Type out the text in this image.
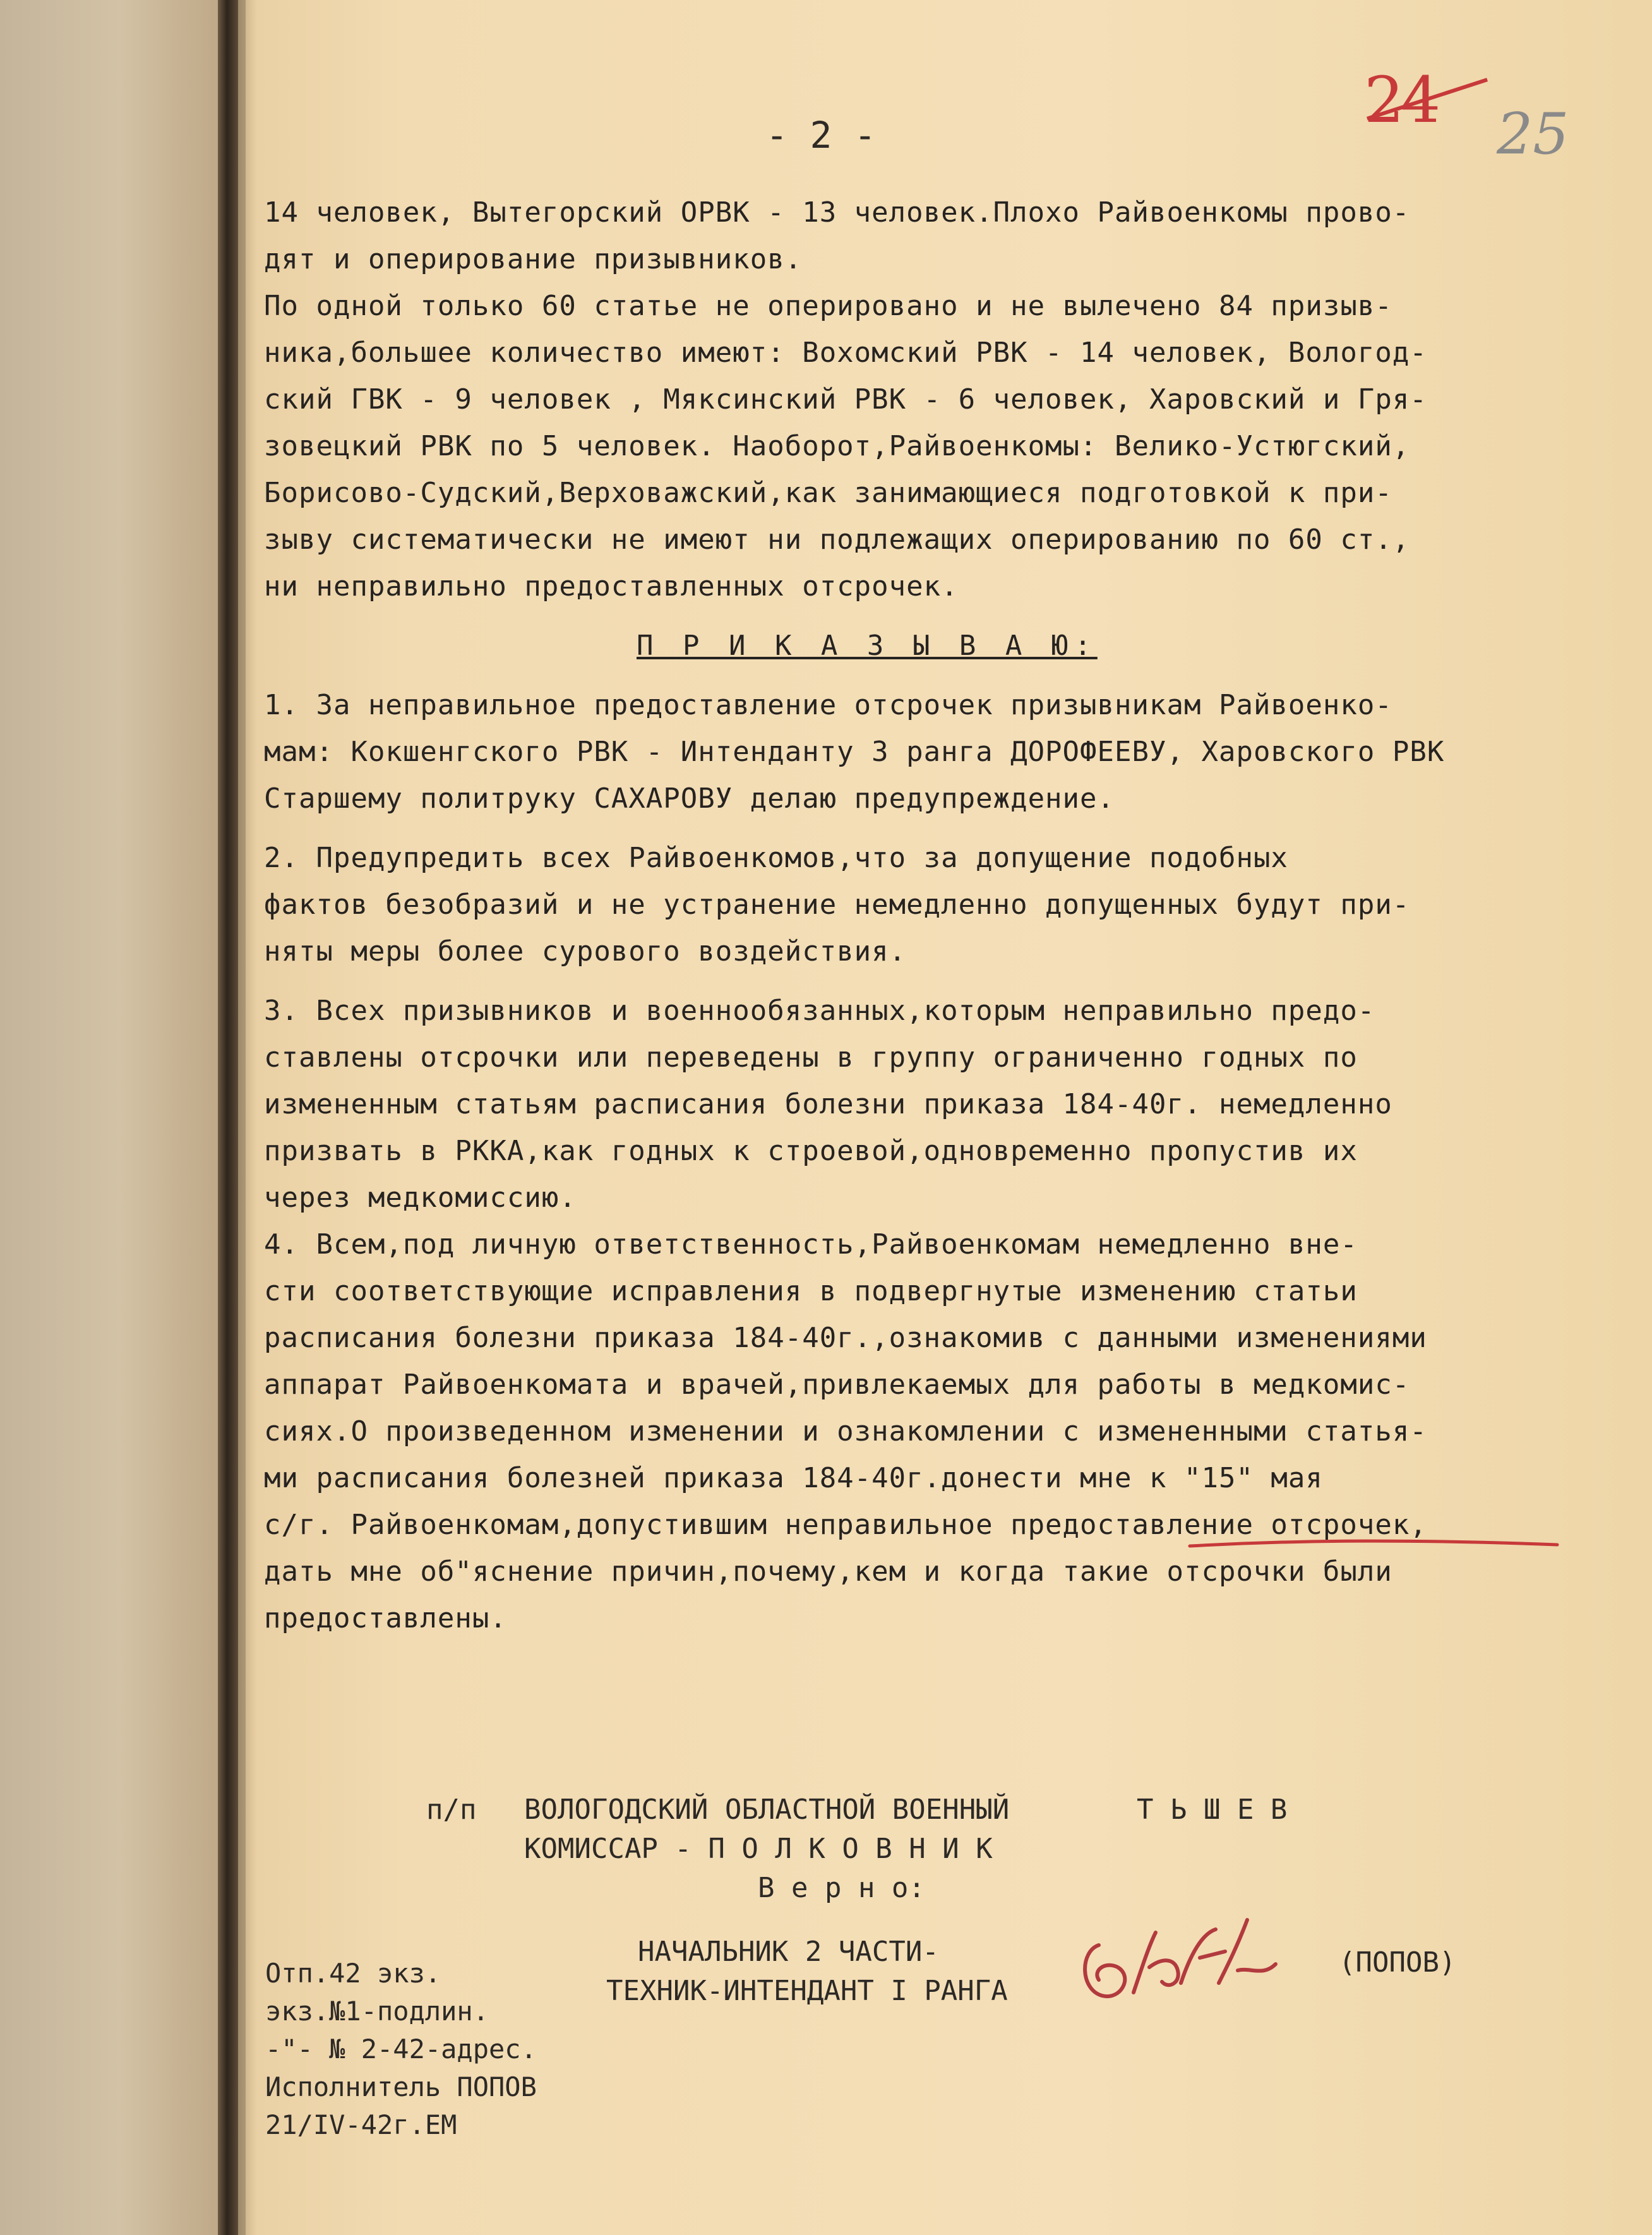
- 2 -	24 25
14 человек, Вытегорский ОРВК - 13 человек.Плохо Райвоенкомы прово-
дят и оперирование призывников.
По одной только 60 статье не оперировано и не вылечено 84 призыв-
ника,большее количество имеют: Вохомский РВК - 14 человек, Вологод-
ский ГВК - 9 человек , Мяксинский РВК - 6 человек, Харовский и Гря-
зовецкий РВК по 5 человек. Наоборот,Райвоенкомы: Велико-Устюгский,
Борисово-Судский,Верховажский,как занимающиеся подготовкой к при-
зыву систематически не имеют ни подлежащих оперированию по 60 ст.,
ни неправильно предоставленных отсрочек.
П Р И К А З Ы В А Ю:
1. За неправильное предоставление отсрочек призывникам Райвоенко-
мам: Кокшенгского РВК - Интенданту 3 ранга ДОРОФЕЕВУ, Харовского РВК
Старшему политруку САХАРОВУ делаю предупреждение.
2. Предупредить всех Райвоенкомов,что за допущение подобных
фактов безобразий и не устранение немедленно допущенных будут при-
няты меры более сурового воздействия.
3. Всех призывников и военнообязанных,которым неправильно предо-
ставлены отсрочки или переведены в группу ограниченно годных по
измененным статьям расписания болезни приказа 184-40г. немедленно
призвать в РККА,как годных к строевой,одновременно пропустив их
через медкомиссию.
4. Всем,под личную ответственность,Райвоенкомам немедленно вне-
сти соответствующие исправления в подвергнутые изменению статьи
расписания болезни приказа 184-40г.,ознакомив с данными изменениями
аппарат Райвоенкомата и врачей,привлекаемых для работы в медкомис-
сиях.О произведенном изменении и ознакомлении с измененными статья-
ми расписания болезней приказа 184-40г.донести мне к "15" мая
с/г. Райвоенкомам,допустившим неправильное предоставление отсрочек,
дать мне об"яснение причин,почему,кем и когда такие отсрочки были
предоставлены.
п/п ВОЛОГОДСКИЙ ОБЛАСТНОЙ ВОЕННЫЙ	Т Ь Ш Е В
КОМИССАР - П О Л К О В Н И К
В е р н о:
Отп.42 экз.
экз.№1-подлин.
-"- № 2-42-адрес.
Исполнитель ПОПОВ
21/IV-42г.ЕМ
НАЧАЛЬНИК 2 ЧАСТИ-
ТЕХНИК-ИНТЕНДАНТ I РАНГА
(ПОПОВ)
